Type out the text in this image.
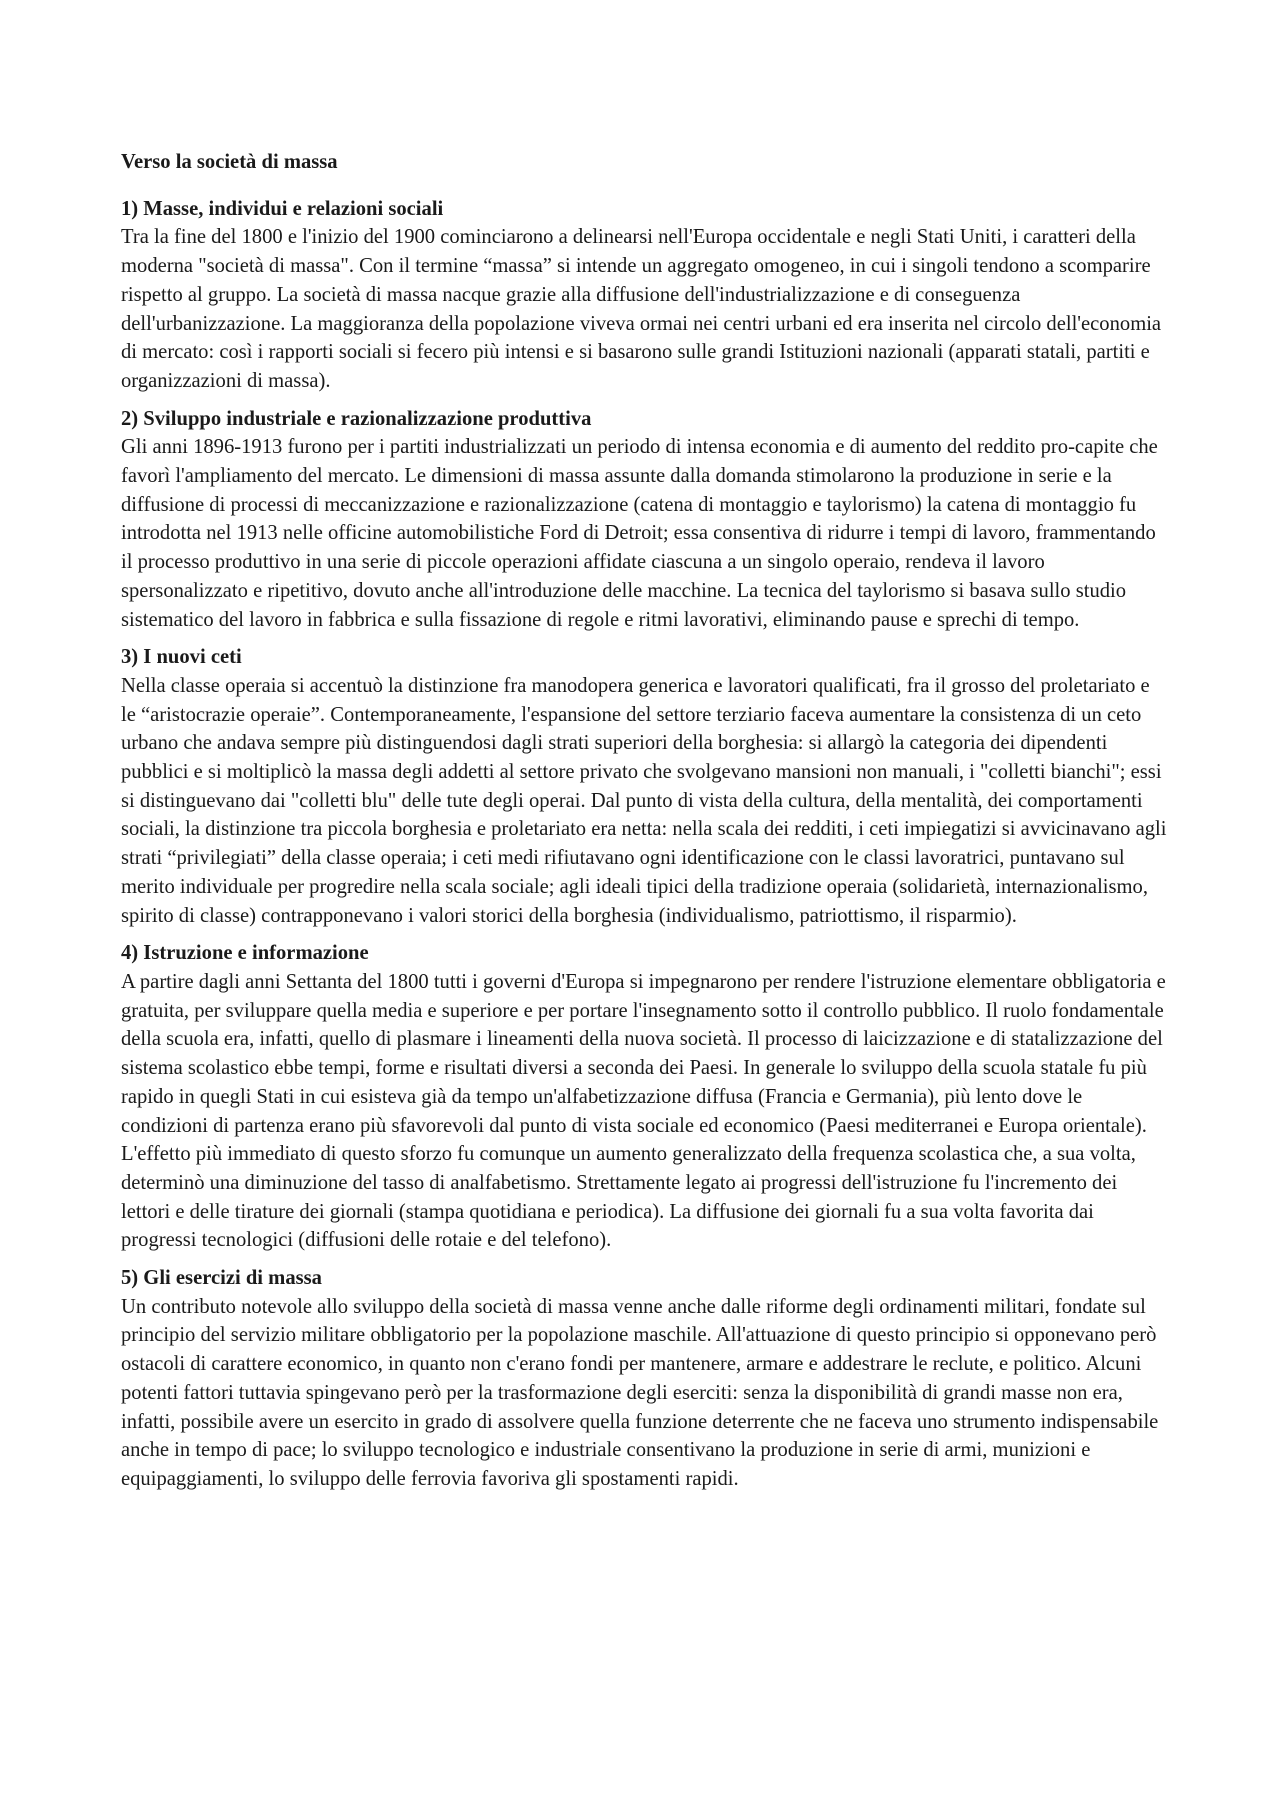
Verso la società di massa
1) Masse, individui e relazioni sociali
Tra la fine del 1800 e l'inizio del 1900 cominciarono a delinearsi nell'Europa occidentale e negli Stati Uniti, i caratteri della moderna "società di massa". Con il termine “massa” si intende un aggregato omogeneo, in cui i singoli tendono a scomparire rispetto al gruppo. La società di massa nacque grazie alla diffusione dell'industrializzazione e di conseguenza dell'urbanizzazione. La maggioranza della popolazione viveva ormai nei centri urbani ed era inserita nel circolo dell'economia di mercato: così i rapporti sociali si fecero più intensi e si basarono sulle grandi Istituzioni nazionali (apparati statali, partiti e organizzazioni di massa).
2) Sviluppo industriale e razionalizzazione produttiva
Gli anni 1896-1913 furono per i partiti industrializzati un periodo di intensa economia e di aumento del reddito pro-capite che favorì l'ampliamento del mercato. Le dimensioni di massa assunte dalla domanda stimolarono la produzione in serie e la diffusione di processi di meccanizzazione e razionalizzazione (catena di montaggio e taylorismo) la catena di montaggio fu introdotta nel 1913 nelle officine automobilistiche Ford di Detroit; essa consentiva di ridurre i tempi di lavoro, frammentando il processo produttivo in una serie di piccole operazioni affidate ciascuna a un singolo operaio, rendeva il lavoro spersonalizzato e ripetitivo, dovuto anche all'introduzione delle macchine. La tecnica del taylorismo si basava sullo studio sistematico del lavoro in fabbrica e sulla fissazione di regole e ritmi lavorativi, eliminando pause e sprechi di tempo.
3) I nuovi ceti
Nella classe operaia si accentuò la distinzione fra manodopera generica e lavoratori qualificati, fra il grosso del proletariato e le “aristocrazie operaie”. Contemporaneamente, l'espansione del settore terziario faceva aumentare la consistenza di un ceto urbano che andava sempre più distinguendosi dagli strati superiori della borghesia: si allargò la categoria dei dipendenti pubblici e si moltiplicò la massa degli addetti al settore privato che svolgevano mansioni non manuali, i "colletti bianchi"; essi si distinguevano dai "colletti blu" delle tute degli operai. Dal punto di vista della cultura, della mentalità, dei comportamenti sociali, la distinzione tra piccola borghesia e proletariato era netta: nella scala dei redditi, i ceti impiegatizi si avvicinavano agli strati “privilegiati” della classe operaia; i ceti medi rifiutavano ogni identificazione con le classi lavoratrici, puntavano sul merito individuale per progredire nella scala sociale; agli ideali tipici della tradizione operaia (solidarietà, internazionalismo, spirito di classe) contrapponevano i valori storici della borghesia (individualismo, patriottismo, il risparmio).
4) Istruzione e informazione
A partire dagli anni Settanta del 1800 tutti i governi d'Europa si impegnarono per rendere l'istruzione elementare obbligatoria e gratuita, per sviluppare quella media e superiore e per portare l'insegnamento sotto il controllo pubblico. Il ruolo fondamentale della scuola era, infatti, quello di plasmare i lineamenti della nuova società. Il processo di laicizzazione e di statalizzazione del sistema scolastico ebbe tempi, forme e risultati diversi a seconda dei Paesi. In generale lo sviluppo della scuola statale fu più rapido in quegli Stati in cui esisteva già da tempo un'alfabetizzazione diffusa (Francia e Germania), più lento dove le condizioni di partenza erano più sfavorevoli dal punto di vista sociale ed economico (Paesi mediterranei e Europa orientale). L'effetto più immediato di questo sforzo fu comunque un aumento generalizzato della frequenza scolastica che, a sua volta, determinò una diminuzione del tasso di analfabetismo. Strettamente legato ai progressi dell'istruzione fu l'incremento dei lettori e delle tirature dei giornali (stampa quotidiana e periodica). La diffusione dei giornali fu a sua volta favorita dai progressi tecnologici (diffusioni delle rotaie e del telefono).
5) Gli esercizi di massa
Un contributo notevole allo sviluppo della società di massa venne anche dalle riforme degli ordinamenti militari, fondate sul principio del servizio militare obbligatorio per la popolazione maschile. All'attuazione di questo principio si opponevano però ostacoli di carattere economico, in quanto non c'erano fondi per mantenere, armare e addestrare le reclute, e politico. Alcuni potenti fattori tuttavia spingevano però per la trasformazione degli eserciti: senza la disponibilità di grandi masse non era, infatti, possibile avere un esercito in grado di assolvere quella funzione deterrente che ne faceva uno strumento indispensabile anche in tempo di pace; lo sviluppo tecnologico e industriale consentivano la produzione in serie di armi, munizioni e equipaggiamenti, lo sviluppo delle ferrovia favoriva gli spostamenti rapidi.
